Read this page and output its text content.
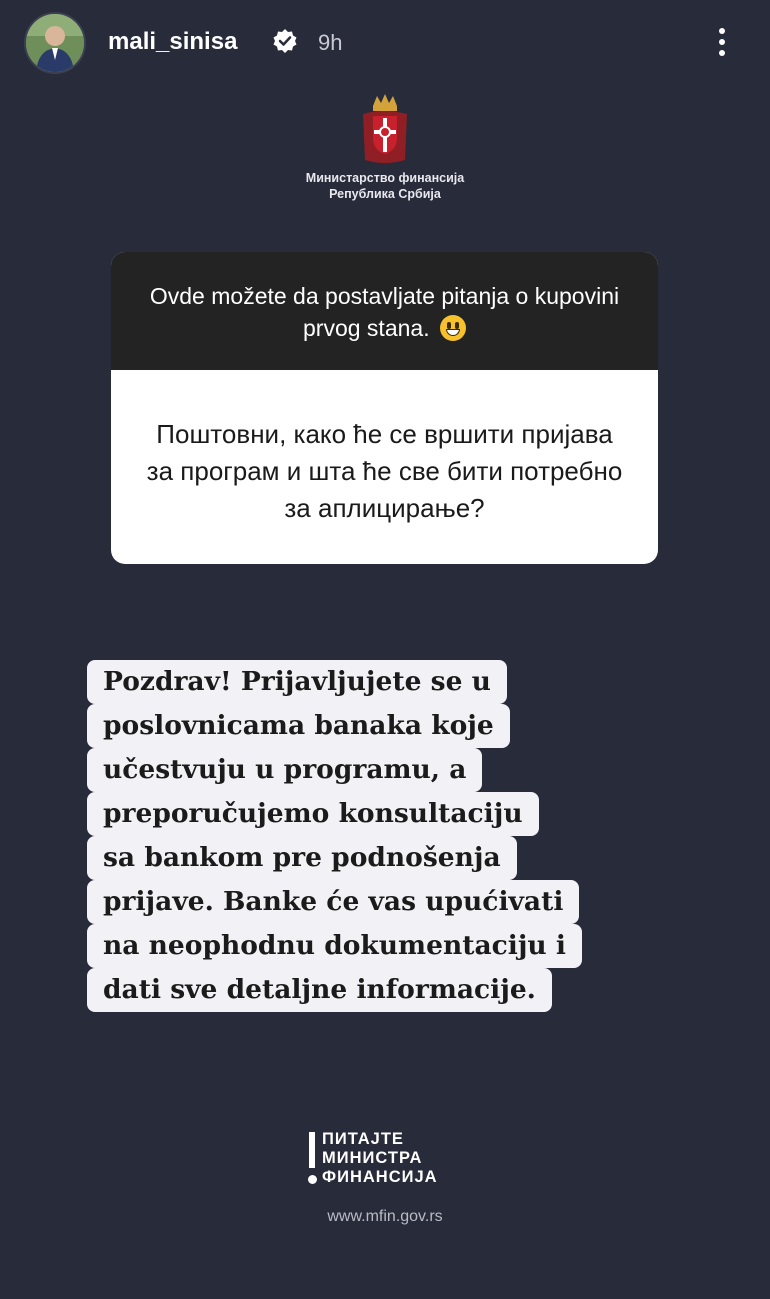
mali_sinisa	9h
Министарство финансија
Република Србија
Ovde možete da postavljate pitanja o kupovini prvog stana.
Поштовни, како ће се вршити пријава за програм и шта ће све бити потребно за аплицирање?
Pozdrav! Prijavljujete se u
poslovnicama banaka koje
učestvuju u programu, a
preporučujemo konsultaciju
sa bankom pre podnošenja
prijave. Banke će vas upućivati
na neophodnu dokumentaciju i
dati sve detaljne informacije.
ПИТАЈТЕ
МИНИСТРА
ФИНАНСИЈА
www.mfin.gov.rs
